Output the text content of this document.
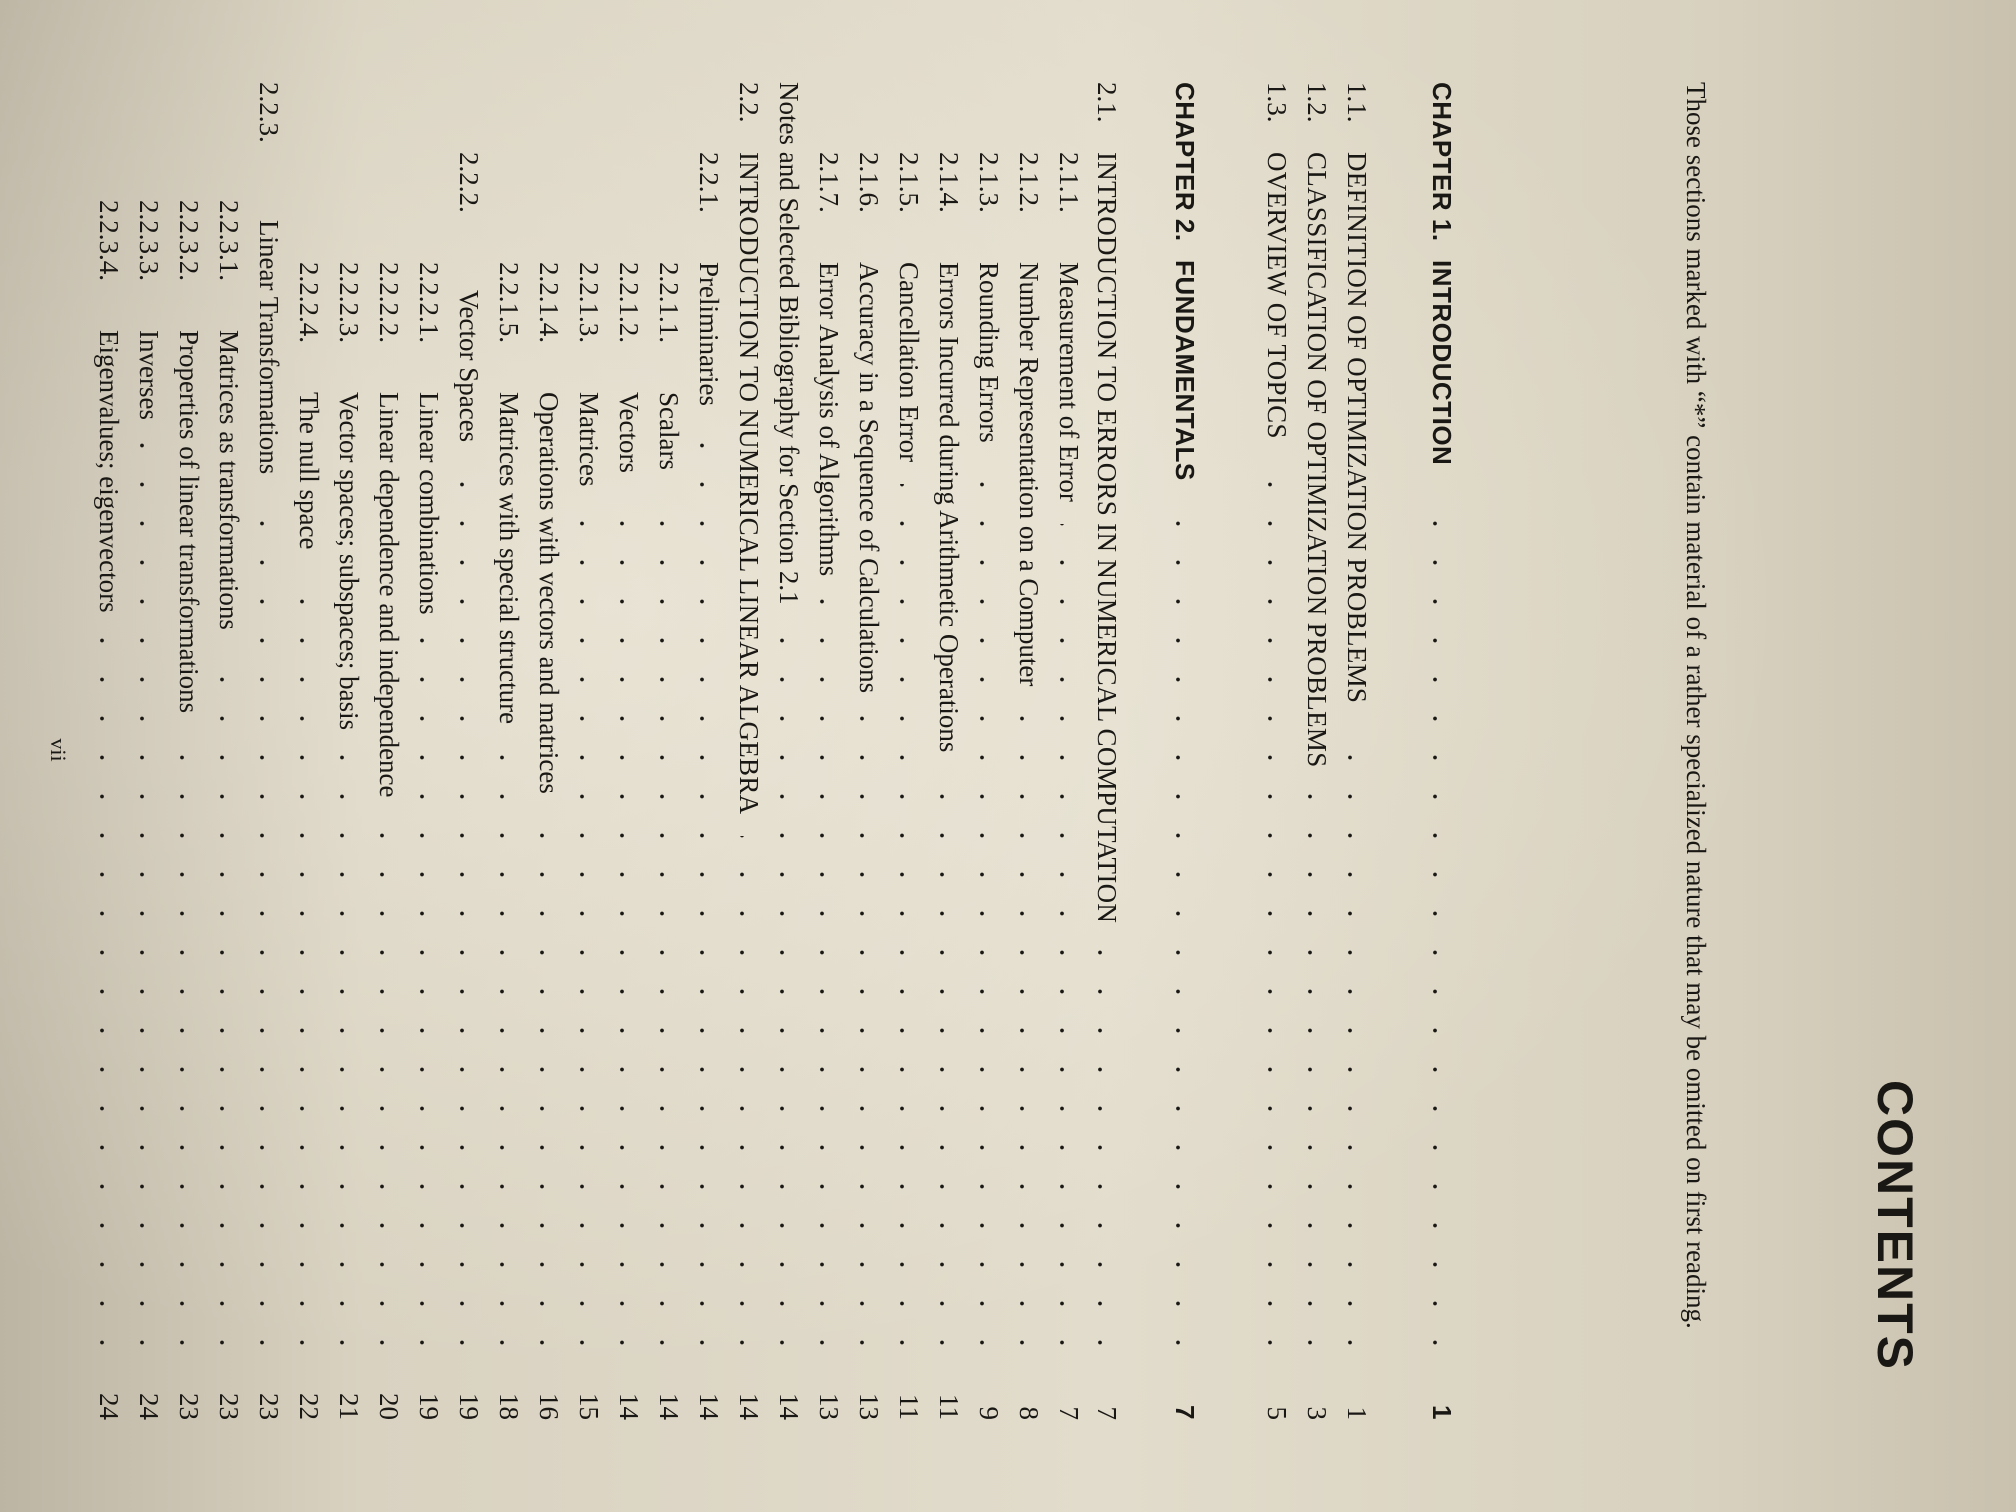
CONTENTS
Those sections marked with “*” contain material of a rather specialized nature that may be omitted on first reading.
CHAPTER 1.
INTRODUCTION
1
1.1.
DEFINITION OF OPTIMIZATION PROBLEMS
1
1.2.
CLASSIFICATION OF OPTIMIZATION PROBLEMS
3
1.3.
OVERVIEW OF TOPICS
5
CHAPTER 2.
FUNDAMENTALS
7
2.1.
INTRODUCTION TO ERRORS IN NUMERICAL COMPUTATION
7
2.1.1.
Measurement of Error
7
2.1.2.
Number Representation on a Computer
8
2.1.3.
Rounding Errors
9
2.1.4.
Errors Incurred during Arithmetic Operations
11
2.1.5.
Cancellation Error
11
2.1.6.
Accuracy in a Sequence of Calculations
13
2.1.7.
Error Analysis of Algorithms
13
Notes and Selected Bibliography for Section 2.1
14
2.2.
INTRODUCTION TO NUMERICAL LINEAR ALGEBRA
14
2.2.1.
Preliminaries
14
2.2.1.1.
Scalars
14
2.2.1.2.
Vectors
14
2.2.1.3.
Matrices
15
2.2.1.4.
Operations with vectors and matrices
16
2.2.1.5.
Matrices with special structure
18
2.2.2.
Vector Spaces
19
2.2.2.1.
Linear combinations
19
2.2.2.2.
Linear dependence and independence
20
2.2.2.3.
Vector spaces; subspaces; basis
21
2.2.2.4.
The null space
22
2.2.3.
Linear Transformations
23
2.2.3.1.
Matrices as transformations
23
2.2.3.2.
Properties of linear transformations
23
2.2.3.3.
Inverses
24
2.2.3.4.
Eigenvalues; eigenvectors
24
vii
